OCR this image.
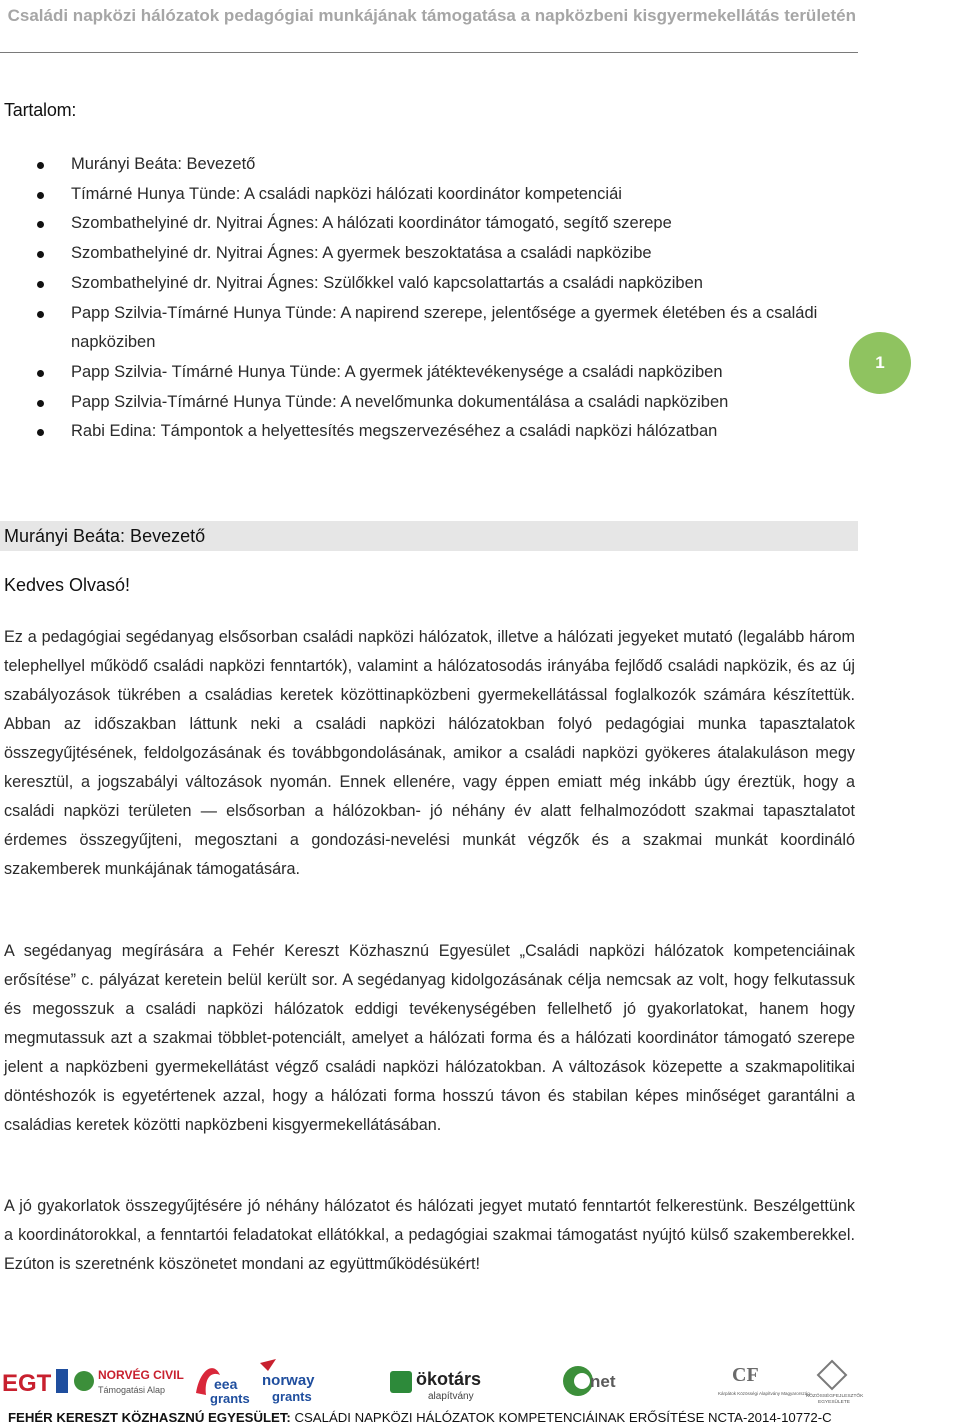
Családi napközi hálózatok pedagógiai munkájának támogatása a napközbeni kisgyermekellátás területén
Tartalom:
Murányi Beáta: Bevezető
Tímárné Hunya Tünde: A családi napközi hálózati koordinátor kompetenciái
Szombathelyiné dr. Nyitrai Ágnes: A hálózati koordinátor támogató, segítő szerepe
Szombathelyiné dr. Nyitrai Ágnes: A gyermek beszoktatása a családi napközibe
Szombathelyiné dr. Nyitrai Ágnes: Szülőkkel való kapcsolattartás a családi napköziben
Papp Szilvia-Tímárné Hunya Tünde: A napirend szerepe, jelentősége a gyermek életében és a családi napköziben
Papp Szilvia- Tímárné Hunya Tünde: A gyermek játéktevékenysége a családi napköziben
Papp Szilvia-Tímárné Hunya Tünde: A nevelőmunka dokumentálása a családi napköziben
Rabi Edina: Támpontok a helyettesítés megszervezéséhez a családi napközi hálózatban
1
Murányi Beáta: Bevezető
Kedves Olvasó!

Ez a pedagógiai segédanyag elsősorban családi napközi hálózatok, illetve a hálózati jegyeket mutató (legalább három telephellyel működő családi napközi fenntartók), valamint a hálózatosodás irányába fejlődő családi napközik, és az új szabályozások tükrében a családias keretek közöttinapközbeni gyermekellátással foglalkozók számára készítettük. Abban az időszakban láttunk neki a családi napközi hálózatokban folyó pedagógiai munka tapasztalatok összegyűjtésének, feldolgozásának és továbbgondolásának, amikor a családi napközi gyökeres átalakuláson megy keresztül, a jogszabályi változások nyomán. Ennek ellenére, vagy éppen emiatt még inkább úgy éreztük, hogy a családi napközi területen — elsősorban a hálózokban- jó néhány év alatt felhalmozódott szakmai tapasztalatot érdemes összegyűjteni, megosztani a gondozási-nevelési munkát végzők és a szakmai munkát koordináló szakemberek munkájának támogatására.

A segédanyag megírására a Fehér Kereszt Közhasznú Egyesület „Családi napközi hálózatok kompetenciáinak erősítése” c. pályázat keretein belül került sor. A segédanyag kidolgozásának célja nemcsak az volt, hogy felkutassuk és megosszuk a családi napközi hálózatok eddigi tevékenységében fellelhető jó gyakorlatokat, hanem hogy megmutassuk azt a szakmai többlet-potenciált, amelyet a hálózati forma és a hálózati koordinátor támogató szerepe jelent a napközbeni gyermekellátást végző családi napközi hálózatokban. A változások közepette a szakmapolitikai döntéshozók is egyetértenek azzal, hogy a hálózati forma hosszú távon és stabilan képes minőséget garantálni a családias keretek közötti napközbeni kisgyermekellátásában.

A jó gyakorlatok összegyűjtésére jó néhány hálózatot és hálózati jegyet mutató fenntartót felkerestünk. Beszélgettünk a koordinátorokkal, a fenntartói feladatokat ellátókkal, a pedagógiai szakmai támogatást nyújtó külső szakemberekkel. Ezúton is szeretnénk köszönetet mondani az együttműködésükért!

EGT	NORVÉG CIVIL
Támogatási Alap	eea
grants
norway
grants
ökotárs
alapítvány
net	CF
Kárpátok Közösségi Alapítvány Magyarország
KÖZÖSSÉGFEJLESZTŐK
EGYESÜLETE
FEHÉR KERESZT KÖZHASZNÚ EGYESÜLET: CSALÁDI NAPKÖZI HÁLÓZATOK KOMPETENCIÁINAK ERŐSÍTÉSE NCTA-2014-10772-C
